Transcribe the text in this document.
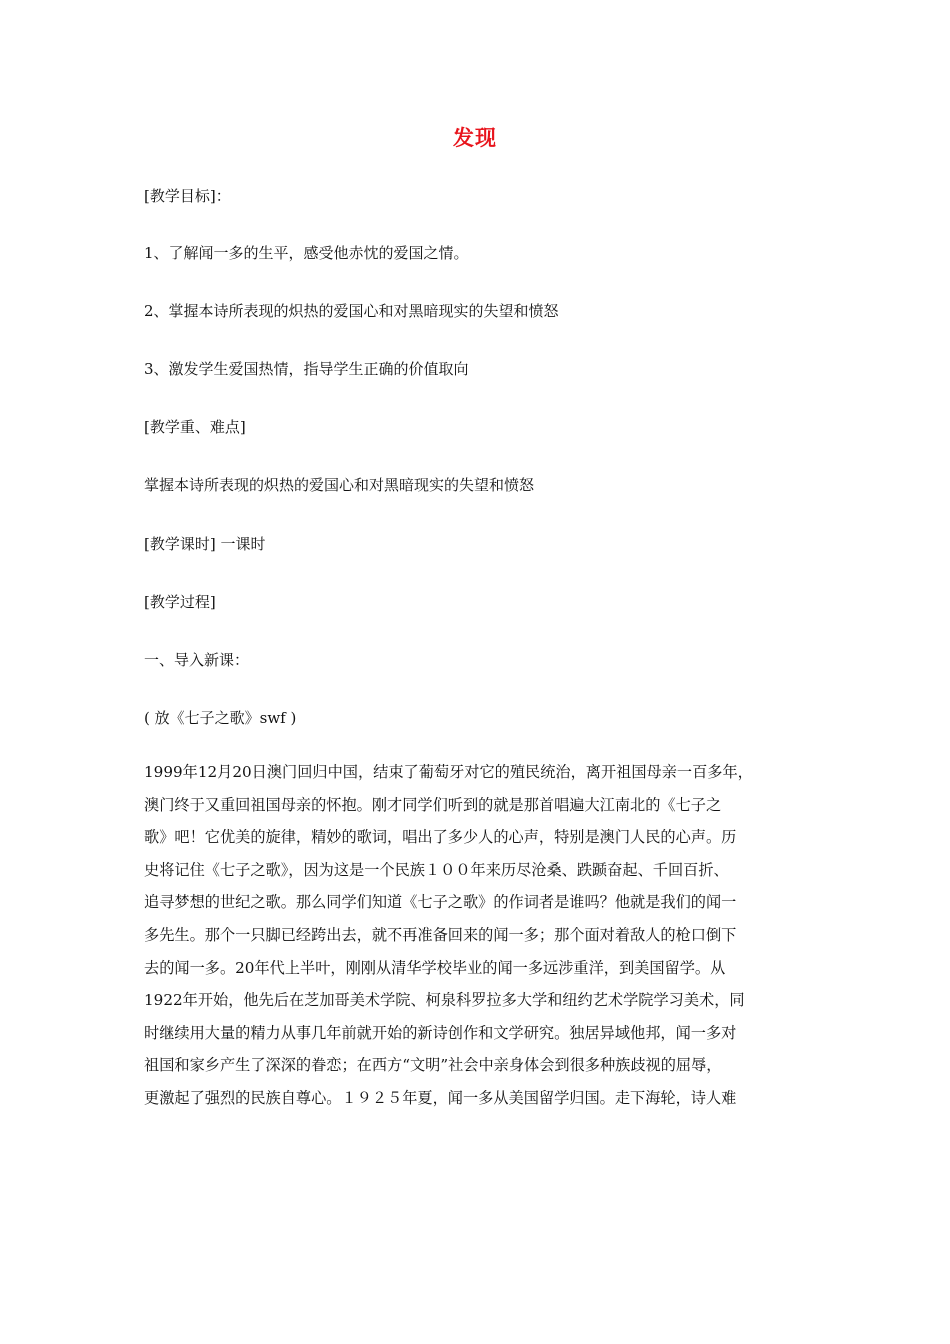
发现
[教学目标]：
1、了解闻一多的生平，感受他赤忱的爱国之情。
2、掌握本诗所表现的炽热的爱国心和对黑暗现实的失望和愤怒
3、激发学生爱国热情，指导学生正确的价值取向
[教学重、难点]
掌握本诗所表现的炽热的爱国心和对黑暗现实的失望和愤怒
[教学课时] 一课时
[教学过程]
一、导入新课：
( 放《七子之歌》swf )
1999年12月20日澳门回归中国，结束了葡萄牙对它的殖民统治，离开祖国母亲一百多年，
澳门终于又重回祖国母亲的怀抱。刚才同学们听到的就是那首唱遍大江南北的《七子之
歌》吧！它优美的旋律，精妙的歌词，唱出了多少人的心声，特别是澳门人民的心声。历
史将记住《七子之歌》，因为这是一个民族１００年来历尽沧桑、跌踬奋起、千回百折、
追寻梦想的世纪之歌。那么同学们知道《七子之歌》的作词者是谁吗？他就是我们的闻一
多先生。那个一只脚已经跨出去，就不再准备回来的闻一多；那个面对着敌人的枪口倒下
去的闻一多。20年代上半叶，刚刚从清华学校毕业的闻一多远涉重洋，到美国留学。从
1922年开始，他先后在芝加哥美术学院、柯泉科罗拉多大学和纽约艺术学院学习美术，同
时继续用大量的精力从事几年前就开始的新诗创作和文学研究。独居异域他邦，闻一多对
祖国和家乡产生了深深的眷恋；在西方“文明”社会中亲身体会到很多种族歧视的屈辱，
更激起了强烈的民族自尊心。１９２５年夏，闻一多从美国留学归国。走下海轮，诗人难
